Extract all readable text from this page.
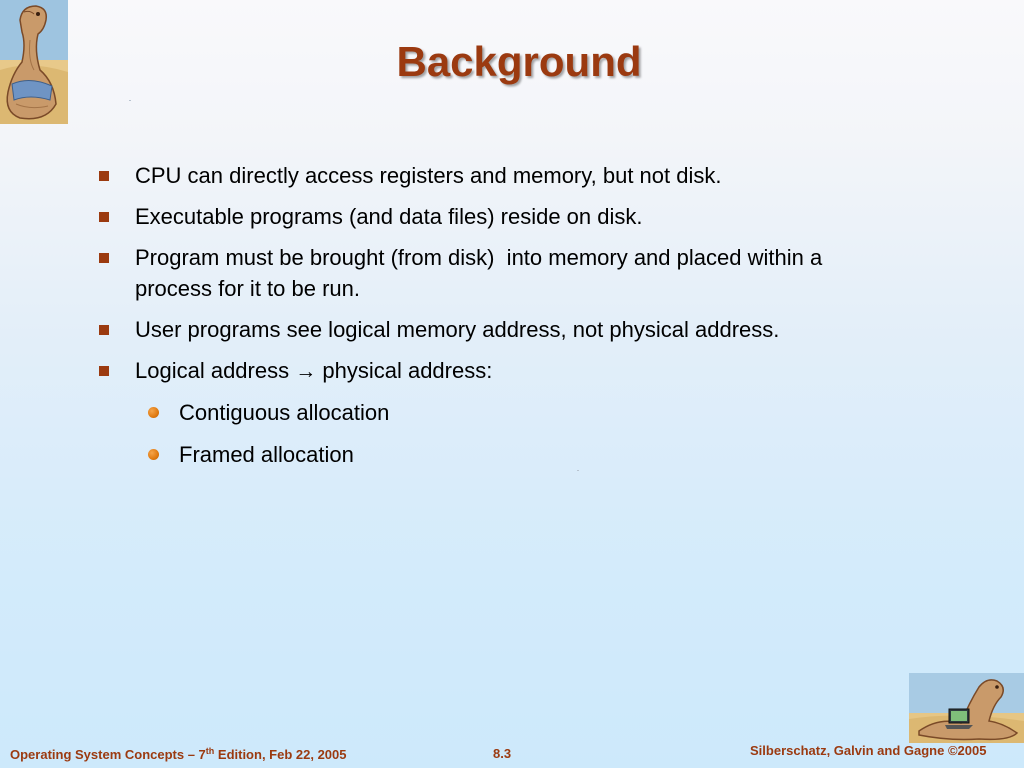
Background
CPU can directly access registers and memory, but not disk.
Executable programs (and data files) reside on disk.
Program must be brought (from disk)  into memory and placed within a process for it to be run.
User programs see logical memory address, not physical address.
Logical address → physical address:
Contiguous allocation
Framed allocation
Operating System Concepts – 7th Edition, Feb 22, 2005	8.3	Silberschatz, Galvin and Gagne ©2005
